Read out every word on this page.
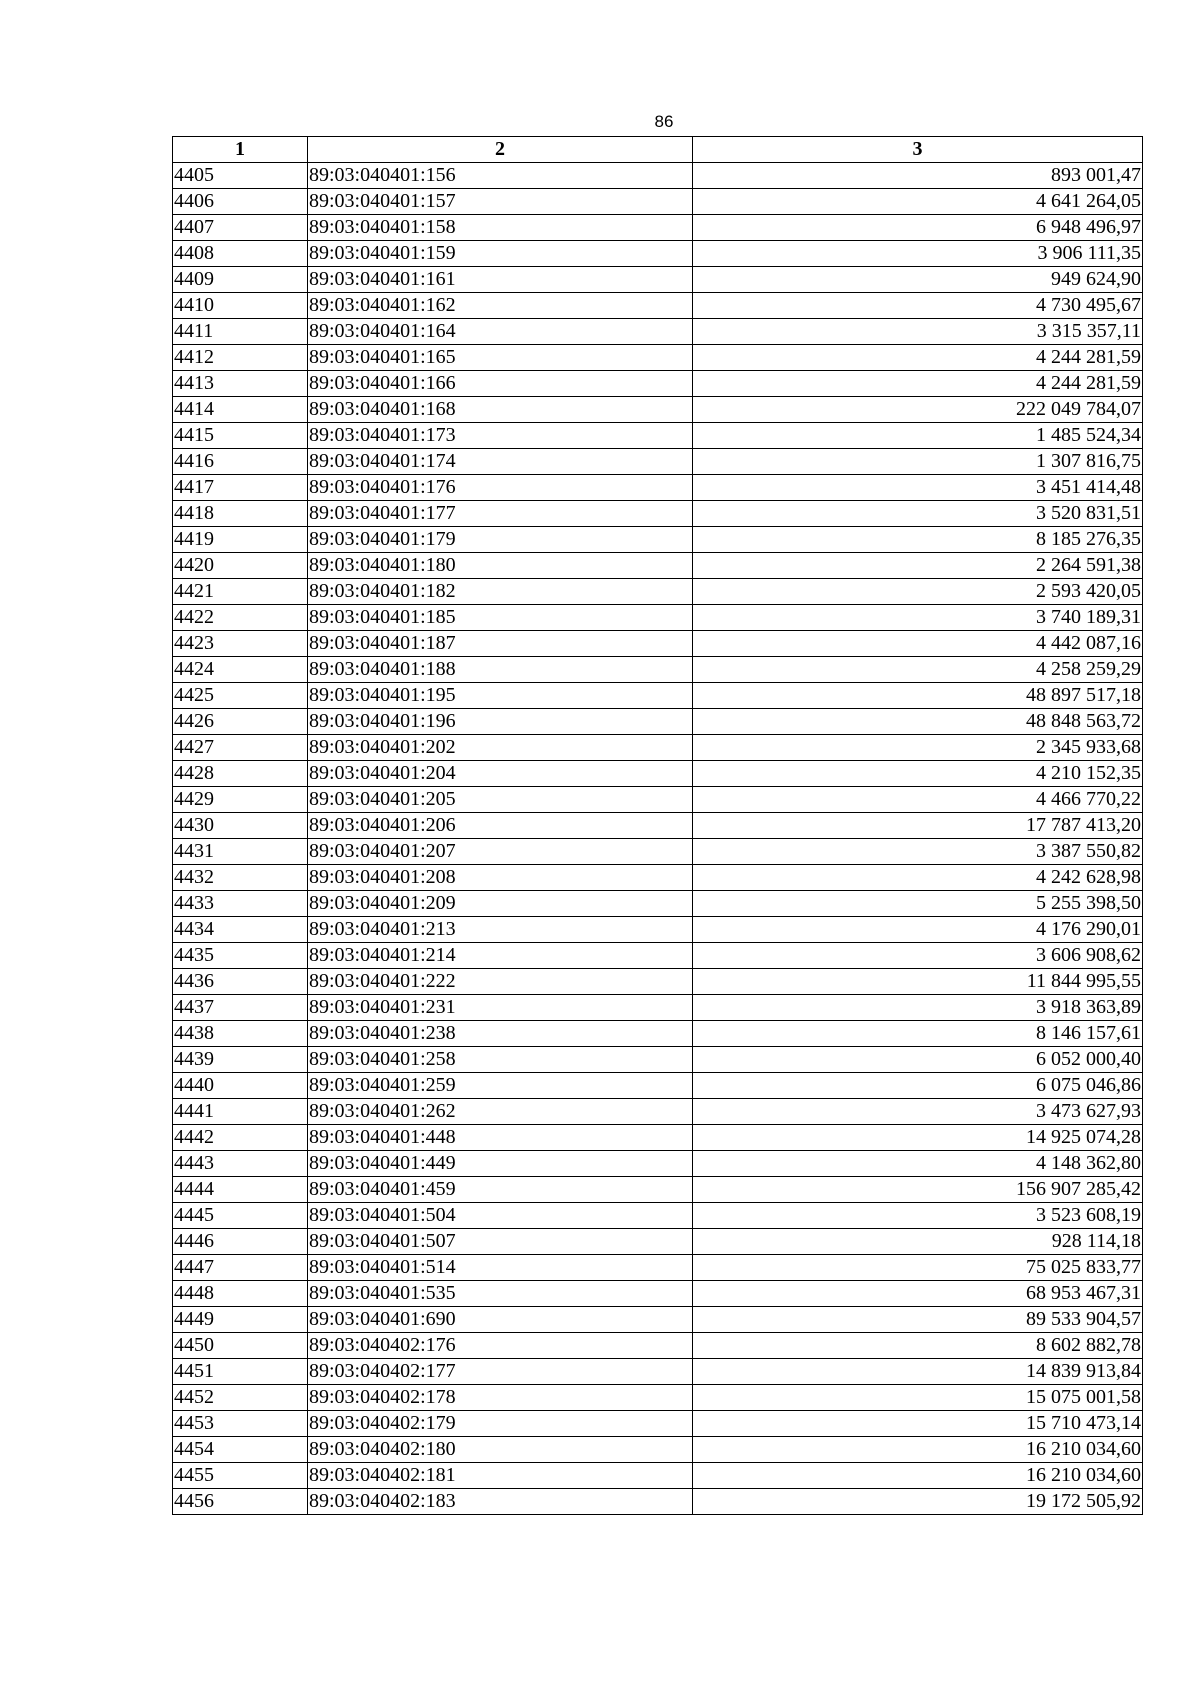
86
1	2	3
4405	89:03:040401:156	893 001,47
4406	89:03:040401:157	4 641 264,05
4407	89:03:040401:158	6 948 496,97
4408	89:03:040401:159	3 906 111,35
4409	89:03:040401:161	949 624,90
4410	89:03:040401:162	4 730 495,67
4411	89:03:040401:164	3 315 357,11
4412	89:03:040401:165	4 244 281,59
4413	89:03:040401:166	4 244 281,59
4414	89:03:040401:168	222 049 784,07
4415	89:03:040401:173	1 485 524,34
4416	89:03:040401:174	1 307 816,75
4417	89:03:040401:176	3 451 414,48
4418	89:03:040401:177	3 520 831,51
4419	89:03:040401:179	8 185 276,35
4420	89:03:040401:180	2 264 591,38
4421	89:03:040401:182	2 593 420,05
4422	89:03:040401:185	3 740 189,31
4423	89:03:040401:187	4 442 087,16
4424	89:03:040401:188	4 258 259,29
4425	89:03:040401:195	48 897 517,18
4426	89:03:040401:196	48 848 563,72
4427	89:03:040401:202	2 345 933,68
4428	89:03:040401:204	4 210 152,35
4429	89:03:040401:205	4 466 770,22
4430	89:03:040401:206	17 787 413,20
4431	89:03:040401:207	3 387 550,82
4432	89:03:040401:208	4 242 628,98
4433	89:03:040401:209	5 255 398,50
4434	89:03:040401:213	4 176 290,01
4435	89:03:040401:214	3 606 908,62
4436	89:03:040401:222	11 844 995,55
4437	89:03:040401:231	3 918 363,89
4438	89:03:040401:238	8 146 157,61
4439	89:03:040401:258	6 052 000,40
4440	89:03:040401:259	6 075 046,86
4441	89:03:040401:262	3 473 627,93
4442	89:03:040401:448	14 925 074,28
4443	89:03:040401:449	4 148 362,80
4444	89:03:040401:459	156 907 285,42
4445	89:03:040401:504	3 523 608,19
4446	89:03:040401:507	928 114,18
4447	89:03:040401:514	75 025 833,77
4448	89:03:040401:535	68 953 467,31
4449	89:03:040401:690	89 533 904,57
4450	89:03:040402:176	8 602 882,78
4451	89:03:040402:177	14 839 913,84
4452	89:03:040402:178	15 075 001,58
4453	89:03:040402:179	15 710 473,14
4454	89:03:040402:180	16 210 034,60
4455	89:03:040402:181	16 210 034,60
4456	89:03:040402:183	19 172 505,92
